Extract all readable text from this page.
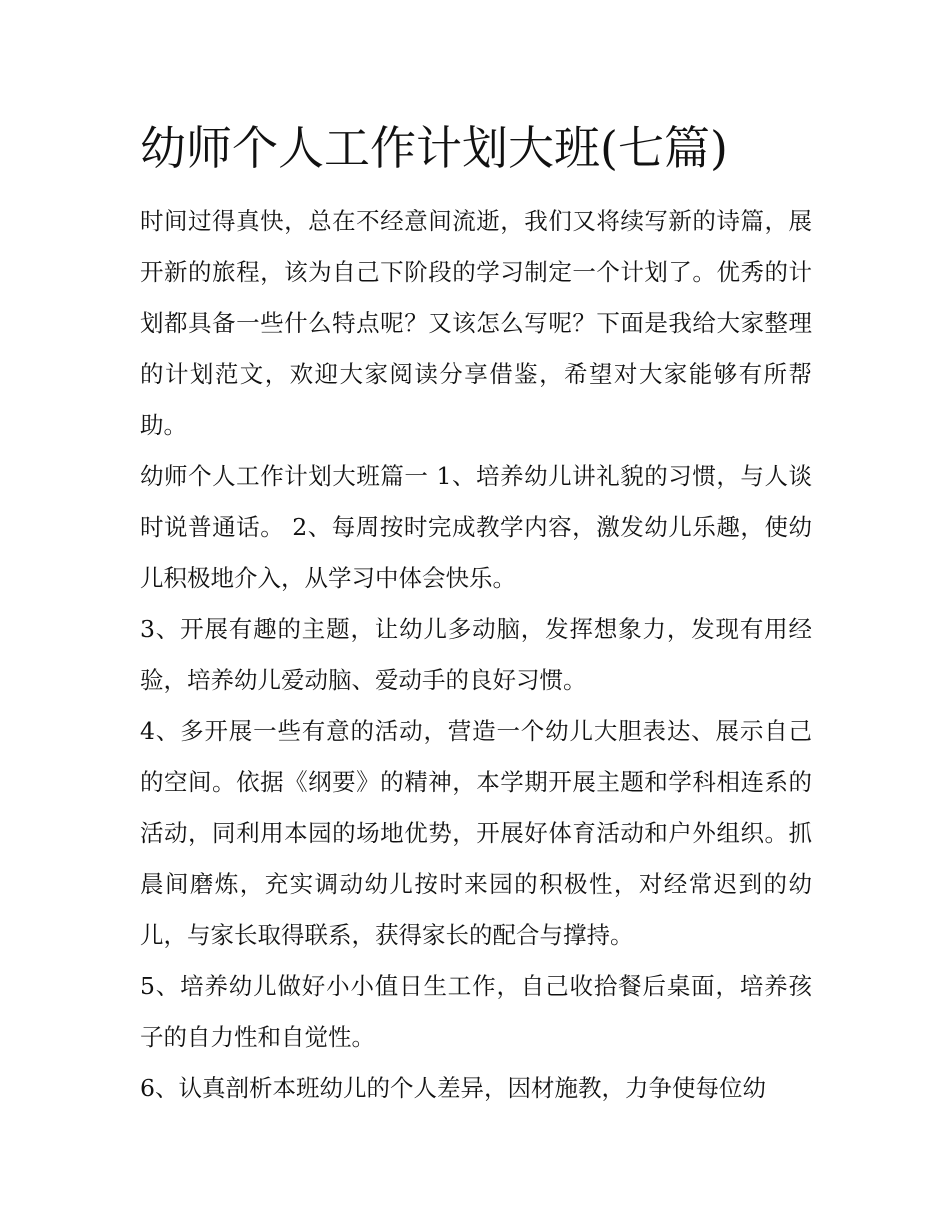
幼师个人工作计划大班(七篇)

时间过得真快，总在不经意间流逝，我们又将续写新的诗篇，展开新的旅程，该为自己下阶段的学习制定一个计划了。优秀的计划都具备一些什么特点呢？又该怎么写呢？下面是我给大家整理的计划范文，欢迎大家阅读分享借鉴，希望对大家能够有所帮助。

幼师个人工作计划大班篇一 1、培养幼儿讲礼貌的习惯，与人谈时说普通话。 2、每周按时完成教学内容，激发幼儿乐趣，使幼儿积极地介入，从学习中体会快乐。

3、开展有趣的主题，让幼儿多动脑，发挥想象力，发现有用经验，培养幼儿爱动脑、爱动手的良好习惯。

4、多开展一些有意的活动，营造一个幼儿大胆表达、展示自己的空间。依据《纲要》的精神，本学期开展主题和学科相连系的活动，同利用本园的场地优势，开展好体育活动和户外组织。抓晨间磨炼，充实调动幼儿按时来园的积极性，对经常迟到的幼儿，与家长取得联系，获得家长的配合与撑持。

5、培养幼儿做好小小值日生工作，自己收拾餐后桌面，培养孩子的自力性和自觉性。

6、认真剖析本班幼儿的个人差异，因材施教，力争使每位幼
